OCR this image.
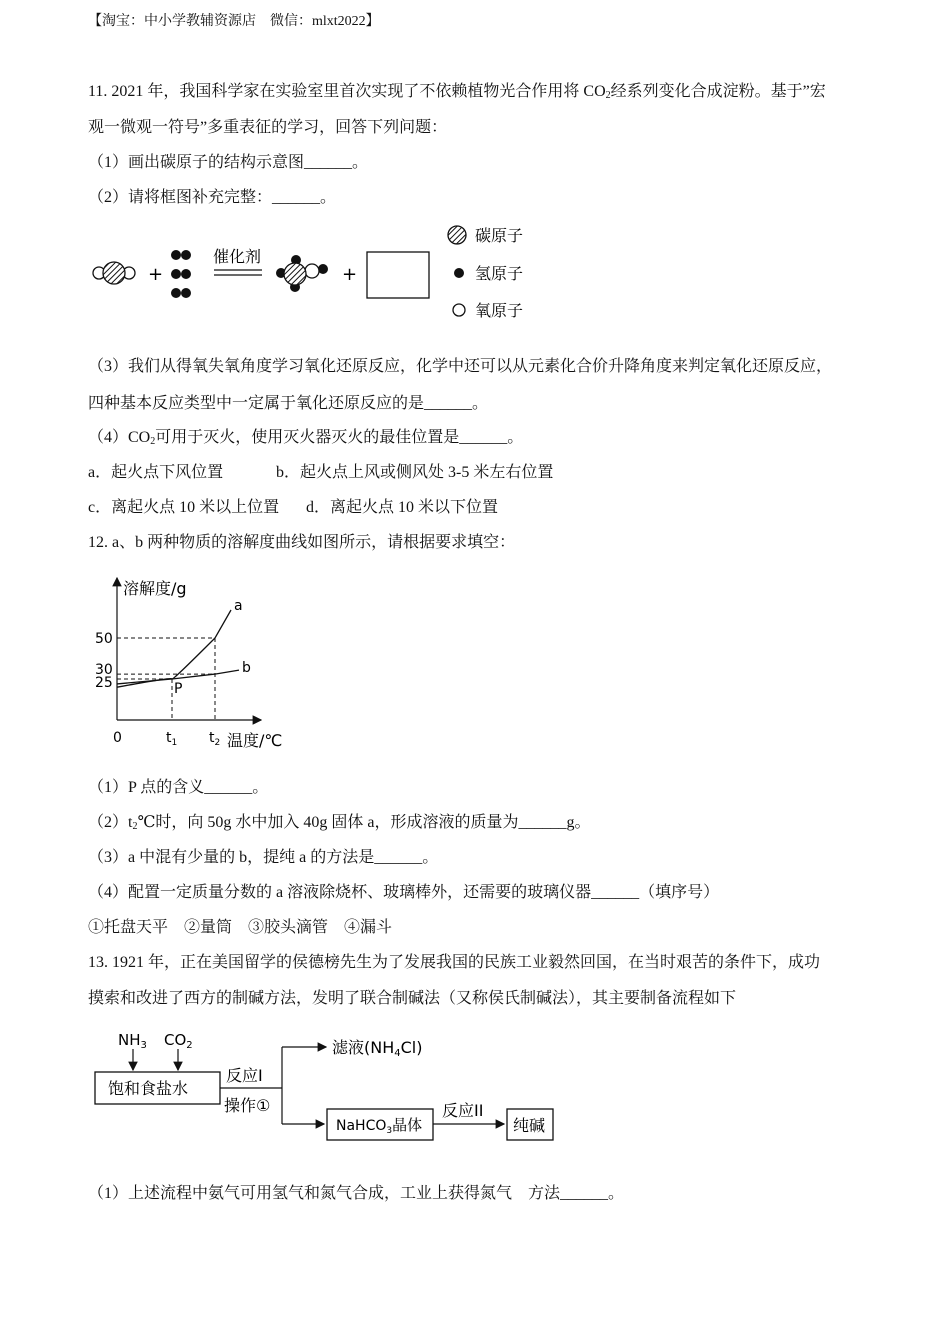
【淘宝：中小学教辅资源店　微信：mlxt2022】
11. 2021 年，我国科学家在实验室里首次实现了不依赖植物光合作用将 $CO_2$经系列变化合成淀粉。基于”宏
观一微观一符号”多重表征的学习，回答下列问题：
（1）画出碳原子的结构示意图______。
（2）请将框图补充完整：______。
+
催化剂
+
碳原子
氢原子
氧原子
（3）我们从得氧失氧角度学习氧化还原反应，化学中还可以从元素化合价升降角度来判定氧化还原反应，
四种基本反应类型中一定属于氧化还原反应的是______。
$(4)CO_2$可用于灭火，使用灭火器灭火的最佳位置是______。
a．起火点下风位置	b．起火点上风或侧风处 3-5 米左右位置
c．离起火点 10 米以上位置 d．离起火点 10 米以下位置
12. a、b 两种物质的溶解度曲线如图所示，请根据要求填空：
溶解度/g
温度/℃
0
50
30
25
a
b
P
$t_1$ $t_2$
（1）P 点的含义______。
$(2)t_2℃$时，向 50g 水中加入 40g 固体 a，形成溶液的质量为______g。
（3）a 中混有少量的 b，提纯 a 的方法是______。
（4）配置一定质量分数的 a 溶液除烧杯、玻璃棒外，还需要的玻璃仪器______（填序号）
①托盘天平　②量筒　③胶头滴管　④漏斗
13. 1921 年，正在美国留学的侯德榜先生为了发展我国的民族工业毅然回国，在当时艰苦的条件下，成功
摸索和改进了西方的制碱方法，发明了联合制碱法（又称侯氏制碱法），其主要制备流程如下
$NH_3$ $CO_2$
饱和食盐水
反应I
操作①
滤液(NH4Cl)
NaHCO$_3$晶体
反应II
纯碱
（1）上述流程中氨气可用氢气和氮气合成，工业上获得氮气　方法______。
